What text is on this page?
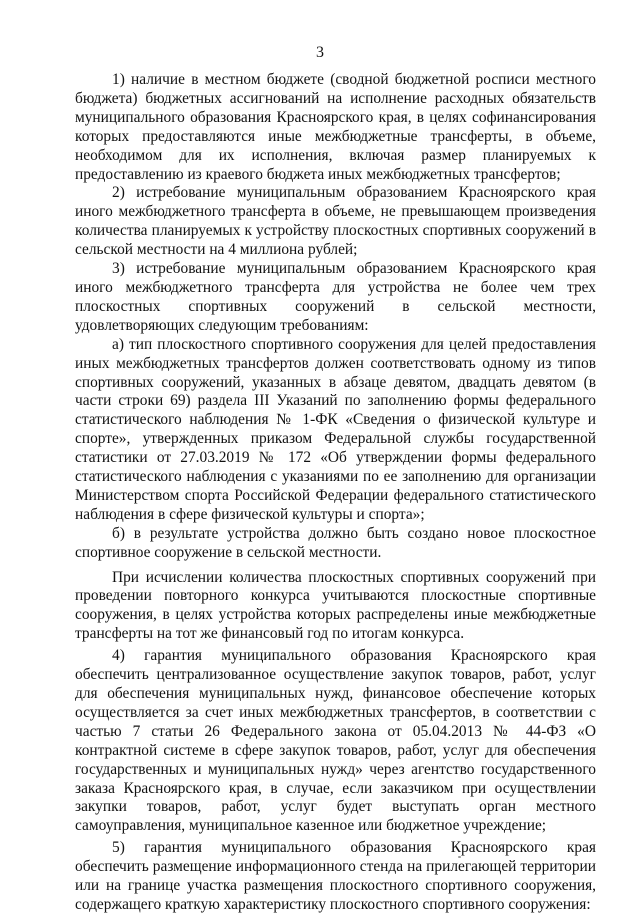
3

1) наличие в местном бюджете (сводной бюджетной росписи местного бюджета) бюджетных ассигнований на исполнение расходных обязательств муниципального образования Красноярского края, в целях софинансирования которых предоставляются иные межбюджетные трансферты, в объеме, необходимом для их исполнения, включая размер планируемых к предоставлению из краевого бюджета иных межбюджетных трансфертов;

2) истребование муниципальным образованием Красноярского края иного межбюджетного трансферта в объеме, не превышающем произведения количества планируемых к устройству плоскостных спортивных сооружений в сельской местности на 4 миллиона рублей;

3) истребование муниципальным образованием Красноярского края иного межбюджетного трансферта для устройства не более чем трех плоскостных спортивных сооружений в сельской местности, удовлетворяющих следующим требованиям:

а) тип плоскостного спортивного сооружения для целей предоставления иных межбюджетных трансфертов должен соответствовать одному из типов спортивных сооружений, указанных в абзаце девятом, двадцать девятом (в части строки 69) раздела III Указаний по заполнению формы федерального статистического наблюдения № 1-ФК «Сведения о физической культуре и спорте», утвержденных приказом Федеральной службы государственной статистики от 27.03.2019 № 172 «Об утверждении формы федерального статистического наблюдения с указаниями по ее заполнению для организации Министерством спорта Российской Федерации федерального статистического наблюдения в сфере физической культуры и спорта»;

б) в результате устройства должно быть создано новое плоскостное спортивное сооружение в сельской местности.

При исчислении количества плоскостных спортивных сооружений при проведении повторного конкурса учитываются плоскостные спортивные сооружения, в целях устройства которых распределены иные межбюджетные трансферты на тот же финансовый год по итогам конкурса.

4) гарантия муниципального образования Красноярского края обеспечить централизованное осуществление закупок товаров, работ, услуг для обеспечения муниципальных нужд, финансовое обеспечение которых осуществляется за счет иных межбюджетных трансфертов, в соответствии с частью 7 статьи 26 Федерального закона от 05.04.2013 № 44-ФЗ «О контрактной системе в сфере закупок товаров, работ, услуг для обеспечения государственных и муниципальных нужд» через агентство государственного заказа Красноярского края, в случае, если заказчиком при осуществлении закупки товаров, работ, услуг будет выступать орган местного самоуправления, муниципальное казенное или бюджетное учреждение;

5) гарантия муниципального образования Красноярского края обеспечить размещение информационного стенда на прилегающей территории или на границе участка размещения плоскостного спортивного сооружения, содержащего краткую характеристику плоскостного спортивного сооружения:
